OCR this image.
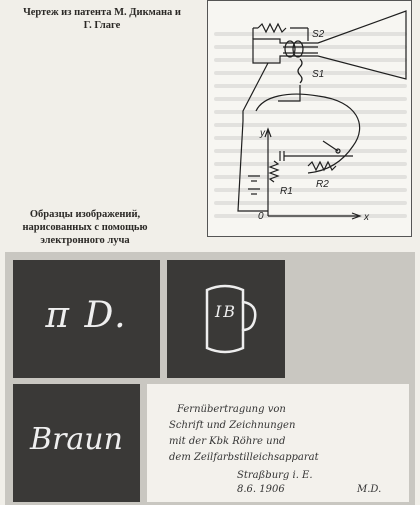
Чертеж из патента М. Дикмана и Г. Глаге
S2
S1
R1
R2
y
x
0
Образцы изображений, нарисованных с помощью электронного луча
π D.	IB
Braun
Fernübertragung von
Schrift und Zeichnungen
mit der Kbk Röhre und
dem Zeilfarbstilleichsapparat
Straßburg i. E.
8.6. 1906	M.D.
